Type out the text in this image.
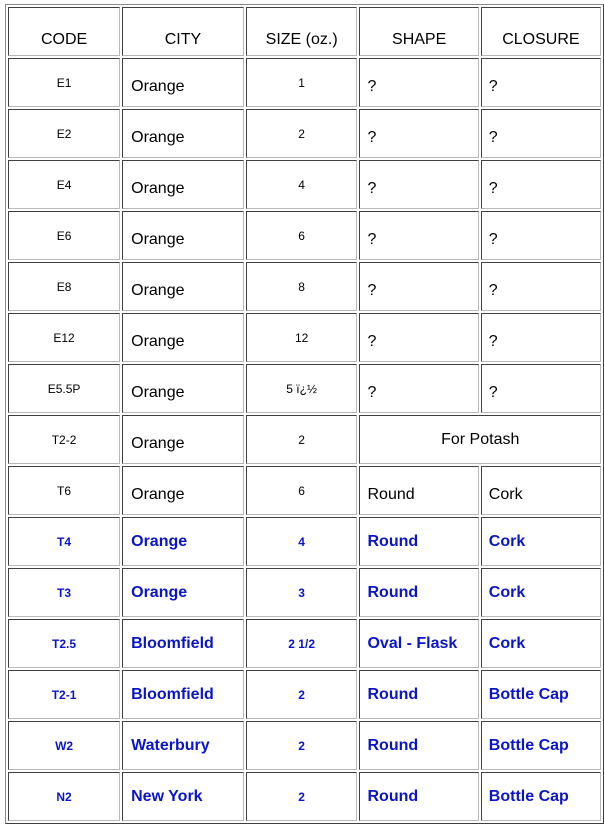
CODE	CITY	SIZE (oz.)	SHAPE	CLOSURE
E1	Orange	1	?	?
E2	Orange	2	?	?
E4	Orange	4	?	?
E6	Orange	6	?	?
E8	Orange	8	?	?
E12	Orange	12	?	?
E5.5P	Orange	5 ï¿½	?	?
T2-2	Orange	2	For Potash	
T6	Orange	6	Round	Cork
T4	Orange	4	Round	Cork
T3	Orange	3	Round	Cork
T2.5	Bloomfield	2 1/2	Oval - Flask	Cork
T2-1	Bloomfield	2	Round	Bottle Cap
W2	Waterbury	2	Round	Bottle Cap
N2	New York	2	Round	Bottle Cap
